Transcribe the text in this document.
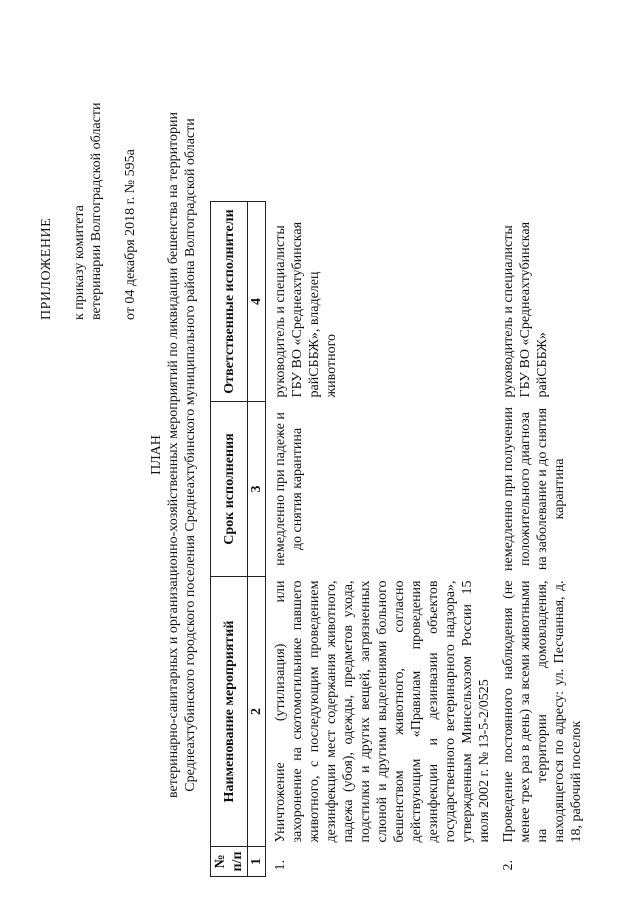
ПРИЛОЖЕНИЕ к приказу комитета ветеринарии Волгоградской области от 04 декабря 2018 г. № 595а
ПЛАН ветеринарно-санитарных и организационно-хозяйственных мероприятий по ликвидации бешенства на территории Среднеахтубинского городского поселения Среднеахтубинского муниципального района Волгоградской области
№ п/п	Наименование мероприятий	Срок исполнения	Ответственные исполнители
1	2	3	4
1.	Уничтожение (утилизация) или захоронение на скотомогильнике павшего животного, с последующим проведением дезинфекции мест содержания животного, падежа (убоя), одежды, предметов ухода, подстилки и других вещей, загрязненных слюной и другими выделениями больного бешенством животного, согласно действующим «Правилам проведения дезинфекции и дезинвазии объектов государственного ветеринарного надзора», утвержденным Минсельхозом России 15 июля 2002 г. № 13-5-2/0525	немедленно при падеже и до снятия карантина	руководитель и специалисты ГБУ ВО «Среднеахтубинская райСББЖ», владелец животного
2.	Проведение постоянного наблюдения (не менее трех раз в день) за всеми животными на территории домовладения, находящегося по адресу: ул. Песчанная, д. 18, рабочий поселок	немедленно при получении положительного диагноза на заболевание и до снятия карантина	руководитель и специалисты ГБУ ВО «Среднеахтубинская райСББЖ»
